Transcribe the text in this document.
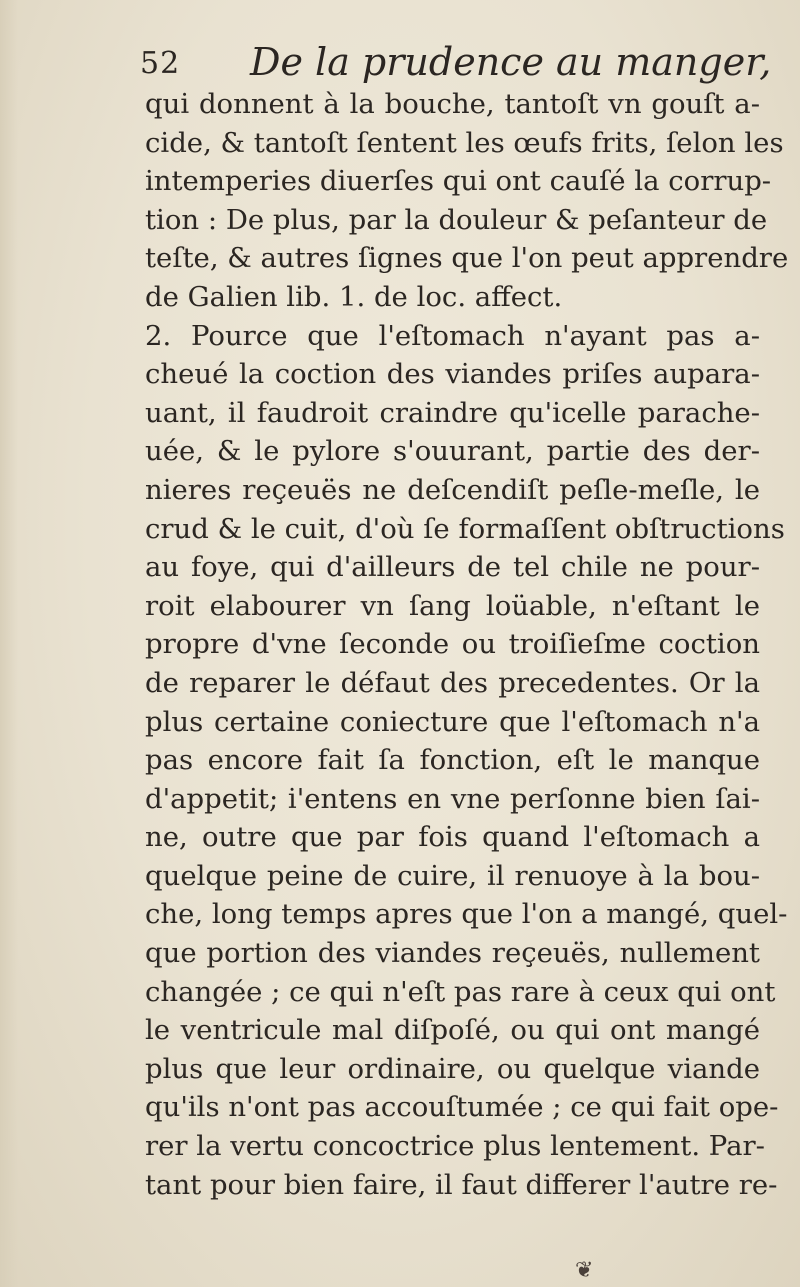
52 De la prudence au manger,
qui donnent à la bouche, tantoſt vn gouſt a-
cide, & tantoſt ſentent les œufs frits, ſelon les
intemperies diuerſes qui ont cauſé la corrup-
tion : De plus, par la douleur & peſanteur de
teſte, & autres ſignes que l'on peut apprendre
de Galien lib. 1. de loc. affect.
2. Pource que l'eſtomach n'ayant pas a-
cheué la coction des viandes priſes aupara-
uant, il faudroit craindre qu'icelle parache-
uée, & le pylore s'ouurant, partie des der-
nieres reçeuës ne deſcendiſt peſle-meſle, le
crud & le cuit, d'où ſe formaſſent obſtructions
au foye, qui d'ailleurs de tel chile ne pour-
roit elabourer vn ſang loüable, n'eſtant le
propre d'vne ſeconde ou troiſieſme coction
de reparer le défaut des precedentes. Or la
plus certaine coniecture que l'eſtomach n'a
pas encore fait ſa fonction, eſt le manque
d'appetit; i'entens en vne perſonne bien ſai-
ne, outre que par fois quand l'eſtomach a
quelque peine de cuire, il renuoye à la bou-
che, long temps apres que l'on a mangé, quel-
que portion des viandes reçeuës, nullement
changée ; ce qui n'eſt pas rare à ceux qui ont
le ventricule mal diſpoſé, ou qui ont mangé
plus que leur ordinaire, ou quelque viande
qu'ils n'ont pas accouſtumée ; ce qui fait ope-
rer la vertu concoctrice plus lentement. Par-
tant pour bien faire, il faut differer l'autre re-
❦
